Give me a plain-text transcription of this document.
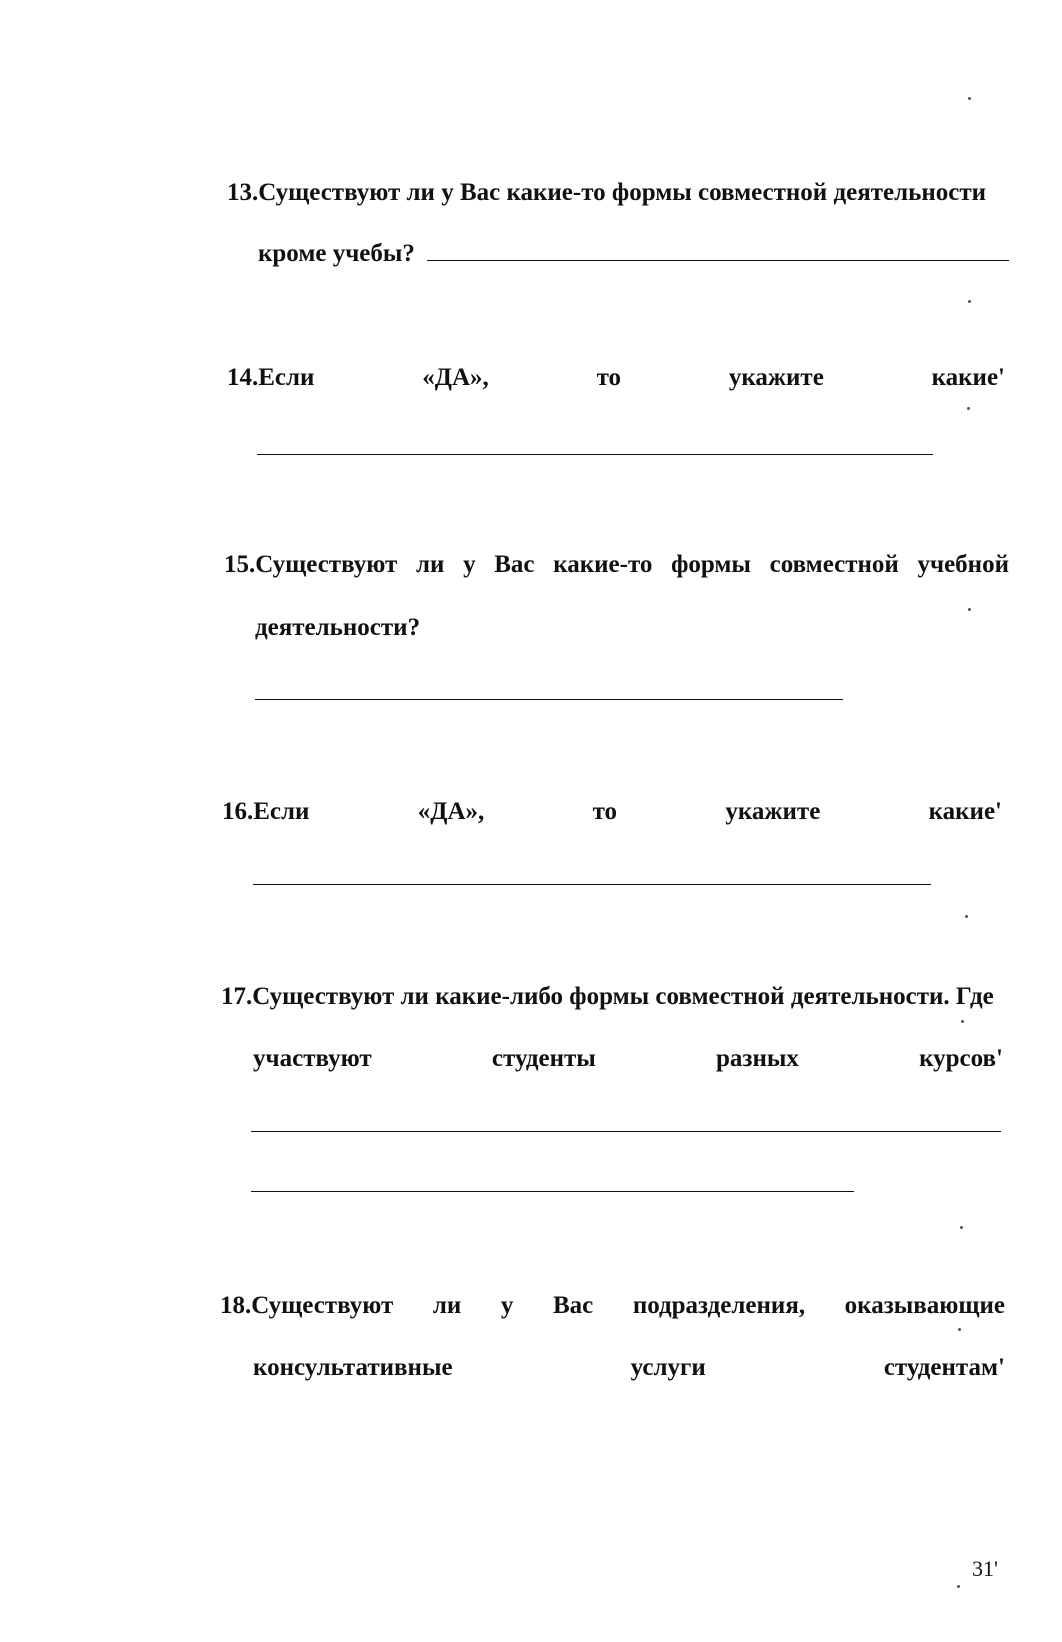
13.Существуют ли у Вас какие-то формы совместной деятельности
кроме учебы?
14.Если	«ДА»,	то	укажите	какие'
15.Существуют ли у Вас какие-то формы совместной учебной
деятельности?
16.Если	«ДА»,	то	укажите	какие'
17.Существуют ли какие-либо формы совместной деятельности. Где
участвуют	студенты	разных	курсов'
18.Существуют ли у Вас подразделения, оказывающие
консультативные	услуги	студентам'
31'
